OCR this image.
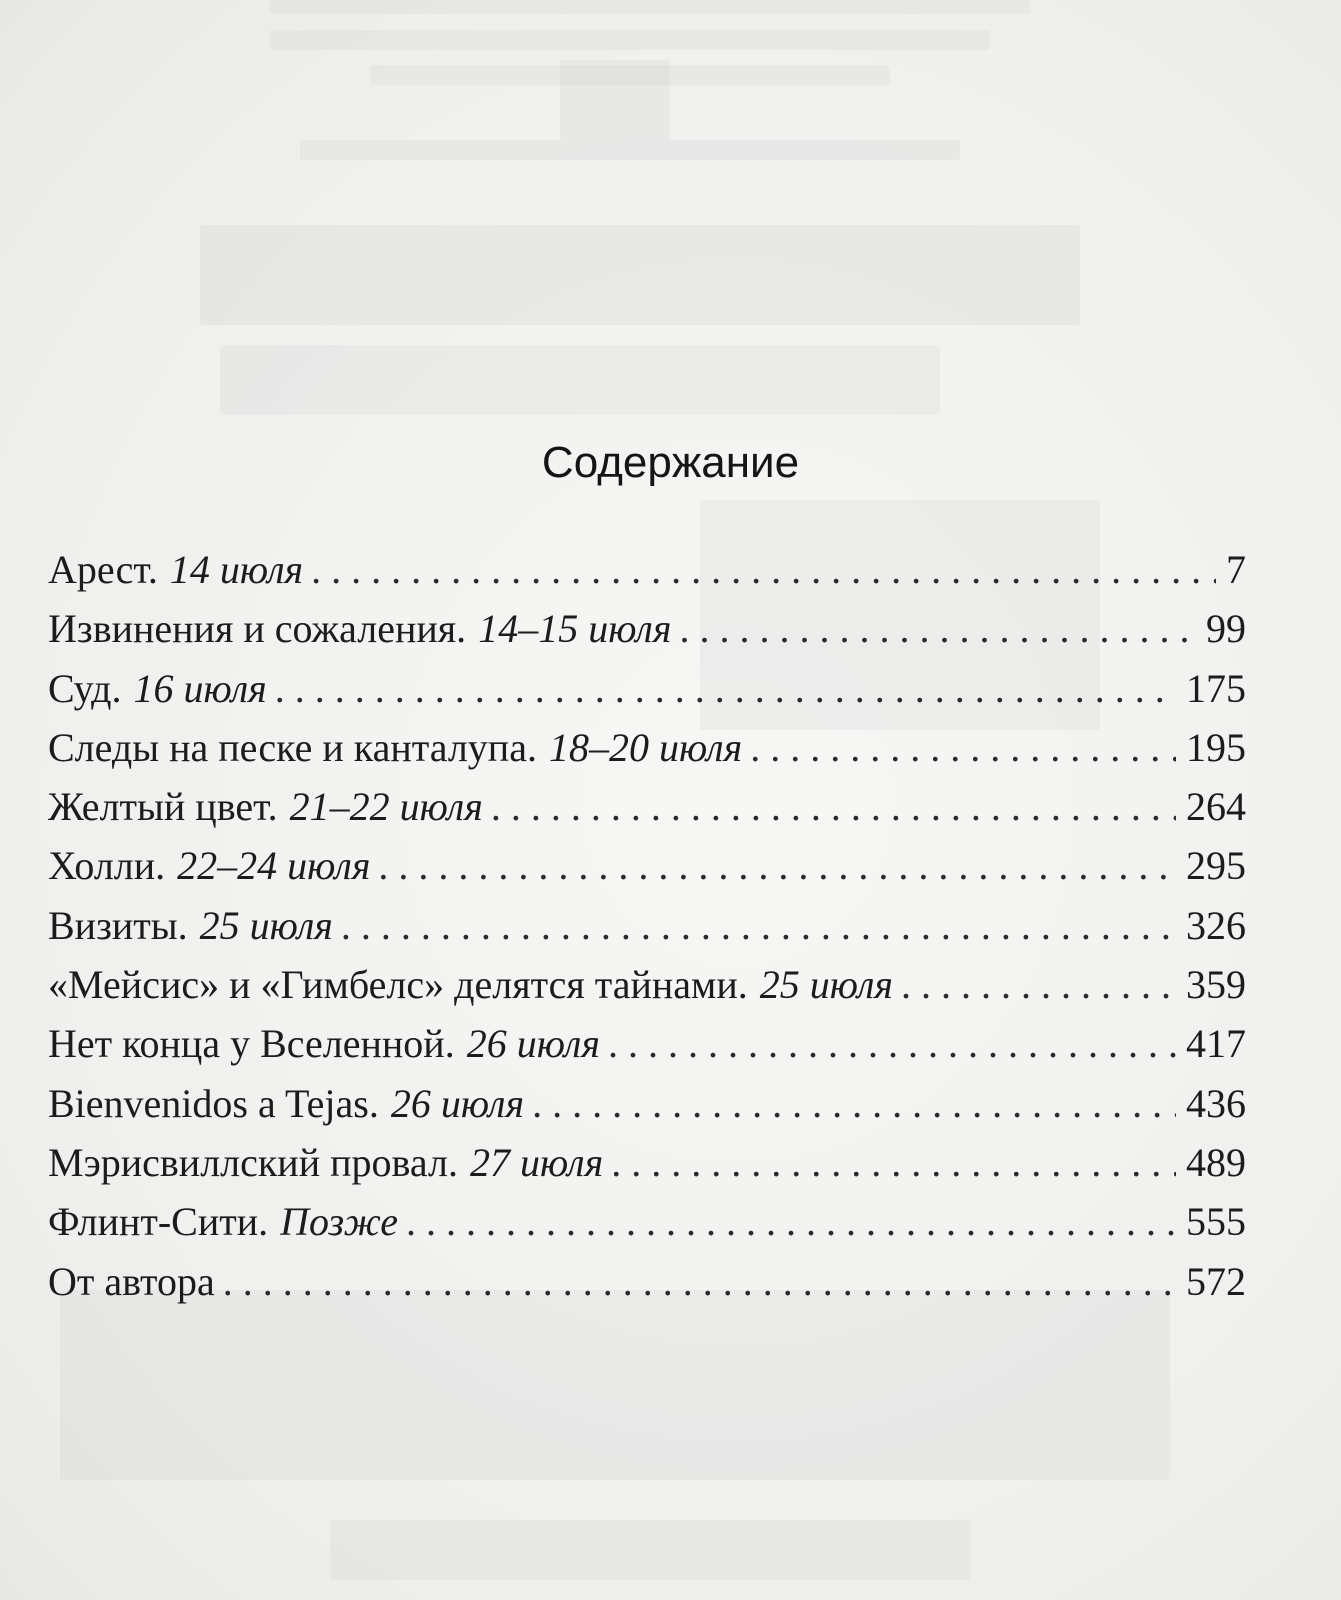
Содержание
Арест. 14 июля . . .	7
Извинения и сожаления. 14–15 июля . . .	99
Суд. 16 июля . . .	175
Следы на песке и канталупа. 18–20 июля . . .	195
Желтый цвет. 21–22 июля . . .	264
Холли. 22–24 июля . . .	295
Визиты. 25 июля . . .	326
«Мейсис» и «Гимбелс» делятся тайнами. 25 июля . . .	359
Нет конца у Вселенной. 26 июля . . .	417
Bienvenidos a Tejas. 26 июля . . .	436
Мэрисвиллский провал. 27 июля . . .	489
Флинт-Сити. Позже . . .	555
От автора . . .	572
